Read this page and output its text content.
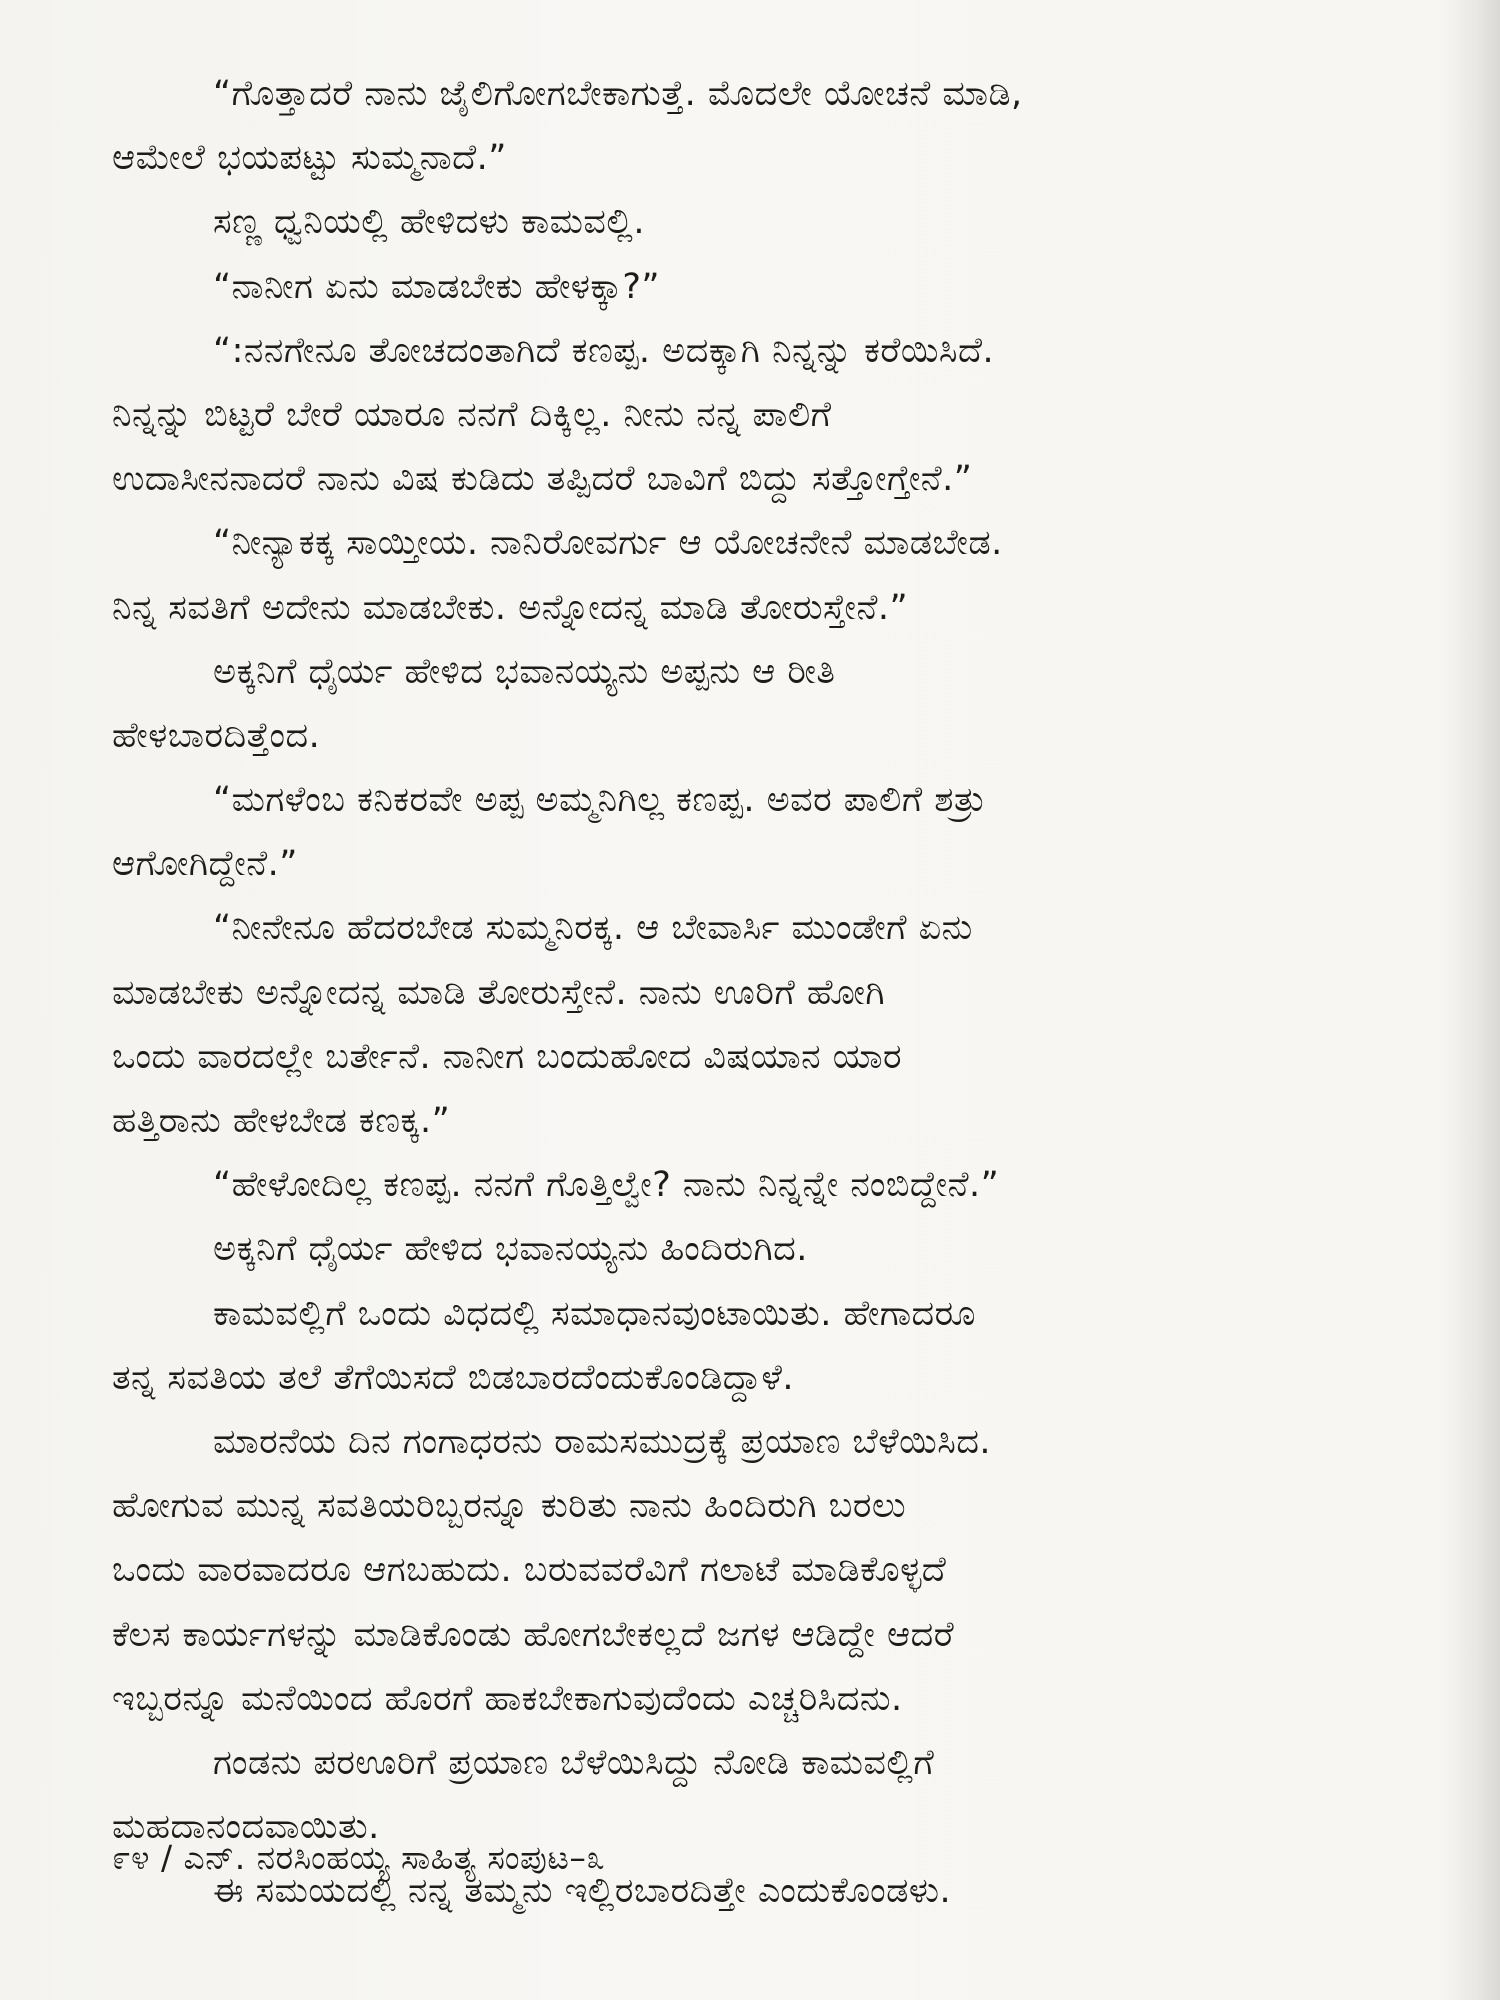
“ಗೊತ್ತಾದರೆ ನಾನು ಜೈಲಿಗೋಗಬೇಕಾಗುತ್ತೆ. ಮೊದಲೇ ಯೋಚನೆ ಮಾಡಿ,
ಆಮೇಲೆ ಭಯಪಟ್ಟು ಸುಮ್ಮನಾದೆ.”
ಸಣ್ಣ ಧ್ವನಿಯಲ್ಲಿ ಹೇಳಿದಳು ಕಾಮವಲ್ಲಿ.
“ನಾನೀಗ ಏನು ಮಾಡಬೇಕು ಹೇಳಕ್ಕಾ?”
“:ನನಗೇನೂ ತೋಚದಂತಾಗಿದೆ ಕಣಪ್ಪ. ಅದಕ್ಕಾಗಿ ನಿನ್ನನ್ನು ಕರೆಯಿಸಿದೆ.
ನಿನ್ನನ್ನು ಬಿಟ್ಟರೆ ಬೇರೆ ಯಾರೂ ನನಗೆ ದಿಕ್ಕಿಲ್ಲ. ನೀನು ನನ್ನ ಪಾಲಿಗೆ
ಉದಾಸೀನನಾದರೆ ನಾನು ವಿಷ ಕುಡಿದು ತಪ್ಪಿದರೆ ಬಾವಿಗೆ ಬಿದ್ದು ಸತ್ತೋಗ್ತೇನೆ.”
“ನೀನ್ಯಾಕಕ್ಕ ಸಾಯ್ತೀಯ. ನಾನಿರೋವರ್ಗು ಆ ಯೋಚನೇನೆ ಮಾಡಬೇಡ.
ನಿನ್ನ ಸವತಿಗೆ ಅದೇನು ಮಾಡಬೇಕು. ಅನ್ನೋದನ್ನ ಮಾಡಿ ತೋರುಸ್ತೇನೆ.”
ಅಕ್ಕನಿಗೆ ಧೈರ್ಯ ಹೇಳಿದ ಭವಾನಯ್ಯನು ಅಪ್ಪನು ಆ ರೀತಿ
ಹೇಳಬಾರದಿತ್ತೆಂದ.
“ಮಗಳೆಂಬ ಕನಿಕರವೇ ಅಪ್ಪ ಅಮ್ಮನಿಗಿಲ್ಲ ಕಣಪ್ಪ. ಅವರ ಪಾಲಿಗೆ ಶತ್ರು
ಆಗೋಗಿದ್ದೇನೆ.”
“ನೀನೇನೂ ಹೆದರಬೇಡ ಸುಮ್ಮನಿರಕ್ಕ. ಆ ಬೇವಾರ್ಸಿ ಮುಂಡೇಗೆ ಏನು
ಮಾಡಬೇಕು ಅನ್ನೋದನ್ನ ಮಾಡಿ ತೋರುಸ್ತೇನೆ. ನಾನು ಊರಿಗೆ ಹೋಗಿ
ಒಂದು ವಾರದಲ್ಲೇ ಬರ್ತೇನೆ. ನಾನೀಗ ಬಂದುಹೋದ ವಿಷಯಾನ ಯಾರ
ಹತ್ತಿರಾನು ಹೇಳಬೇಡ ಕಣಕ್ಕ.”
“ಹೇಳೋದಿಲ್ಲ ಕಣಪ್ಪ. ನನಗೆ ಗೊತ್ತಿಲ್ವೇ? ನಾನು ನಿನ್ನನ್ನೇ ನಂಬಿದ್ದೇನೆ.”
ಅಕ್ಕನಿಗೆ ಧೈರ್ಯ ಹೇಳಿದ ಭವಾನಯ್ಯನು ಹಿಂದಿರುಗಿದ.
ಕಾಮವಲ್ಲಿಗೆ ಒಂದು ವಿಧದಲ್ಲಿ ಸಮಾಧಾನವುಂಟಾಯಿತು. ಹೇಗಾದರೂ
ತನ್ನ ಸವತಿಯ ತಲೆ ತೆಗೆಯಿಸದೆ ಬಿಡಬಾರದೆಂದುಕೊಂಡಿದ್ದಾಳೆ.
ಮಾರನೆಯ ದಿನ ಗಂಗಾಧರನು ರಾಮಸಮುದ್ರಕ್ಕೆ ಪ್ರಯಾಣ ಬೆಳೆಯಿಸಿದ.
ಹೋಗುವ ಮುನ್ನ ಸವತಿಯರಿಬ್ಬರನ್ನೂ ಕುರಿತು ನಾನು ಹಿಂದಿರುಗಿ ಬರಲು
ಒಂದು ವಾರವಾದರೂ ಆಗಬಹುದು. ಬರುವವರೆವಿಗೆ ಗಲಾಟೆ ಮಾಡಿಕೊಳ್ಳದೆ
ಕೆಲಸ ಕಾರ್ಯಗಳನ್ನು ಮಾಡಿಕೊಂಡು ಹೋಗಬೇಕಲ್ಲದೆ ಜಗಳ ಆಡಿದ್ದೇ ಆದರೆ
ಇಬ್ಬರನ್ನೂ ಮನೆಯಿಂದ ಹೊರಗೆ ಹಾಕಬೇಕಾಗುವುದೆಂದು ಎಚ್ಚರಿಸಿದನು.
ಗಂಡನು ಪರಊರಿಗೆ ಪ್ರಯಾಣ ಬೆಳೆಯಿಸಿದ್ದು ನೋಡಿ ಕಾಮವಲ್ಲಿಗೆ
ಮಹದಾನಂದವಾಯಿತು.
ಈ ಸಮಯದಲ್ಲಿ ನನ್ನ ತಮ್ಮನು ಇಲ್ಲಿರಬಾರದಿತ್ತೇ ಎಂದುಕೊಂಡಳು.
೯೪ / ಎನ್. ನರಸಿಂಹಯ್ಯ ಸಾಹಿತ್ಯ ಸಂಪುಟ–೩
